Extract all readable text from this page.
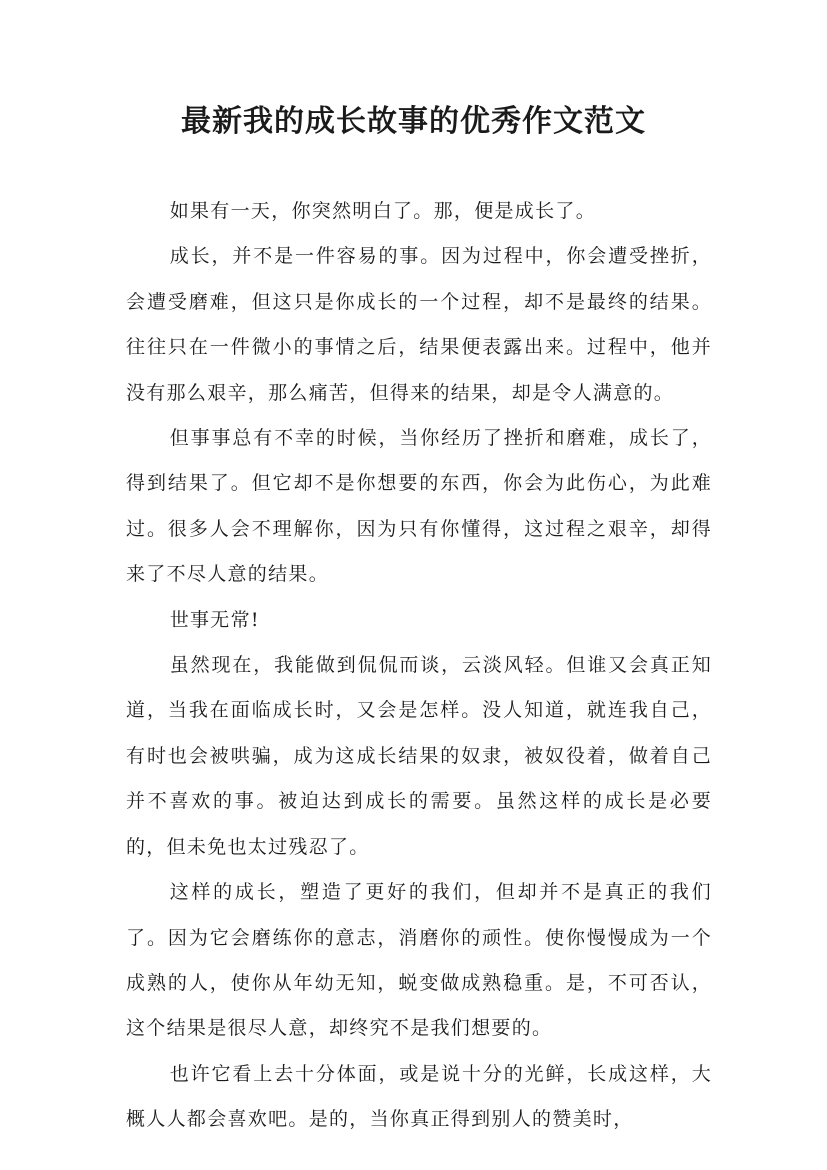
最新我的成长故事的优秀作文范文

如果有一天，你突然明白了。那，便是成长了。

成长，并不是一件容易的事。因为过程中，你会遭受挫折，会遭受磨难，但这只是你成长的一个过程，却不是最终的结果。往往只在一件微小的事情之后，结果便表露出来。过程中，他并没有那么艰辛，那么痛苦，但得来的结果，却是令人满意的。

但事事总有不幸的时候，当你经历了挫折和磨难，成长了，得到结果了。但它却不是你想要的东西，你会为此伤心，为此难过。很多人会不理解你，因为只有你懂得，这过程之艰辛，却得来了不尽人意的结果。

世事无常!

虽然现在，我能做到侃侃而谈，云淡风轻。但谁又会真正知道，当我在面临成长时，又会是怎样。没人知道，就连我自己，有时也会被哄骗，成为这成长结果的奴隶，被奴役着，做着自己并不喜欢的事。被迫达到成长的需要。虽然这样的成长是必要的，但未免也太过残忍了。

这样的成长，塑造了更好的我们，但却并不是真正的我们了。因为它会磨练你的意志，消磨你的顽性。使你慢慢成为一个成熟的人，使你从年幼无知，蜕变做成熟稳重。是，不可否认，这个结果是很尽人意，却终究不是我们想要的。

也许它看上去十分体面，或是说十分的光鲜，长成这样，大概人人都会喜欢吧。是的，当你真正得到别人的赞美时，
